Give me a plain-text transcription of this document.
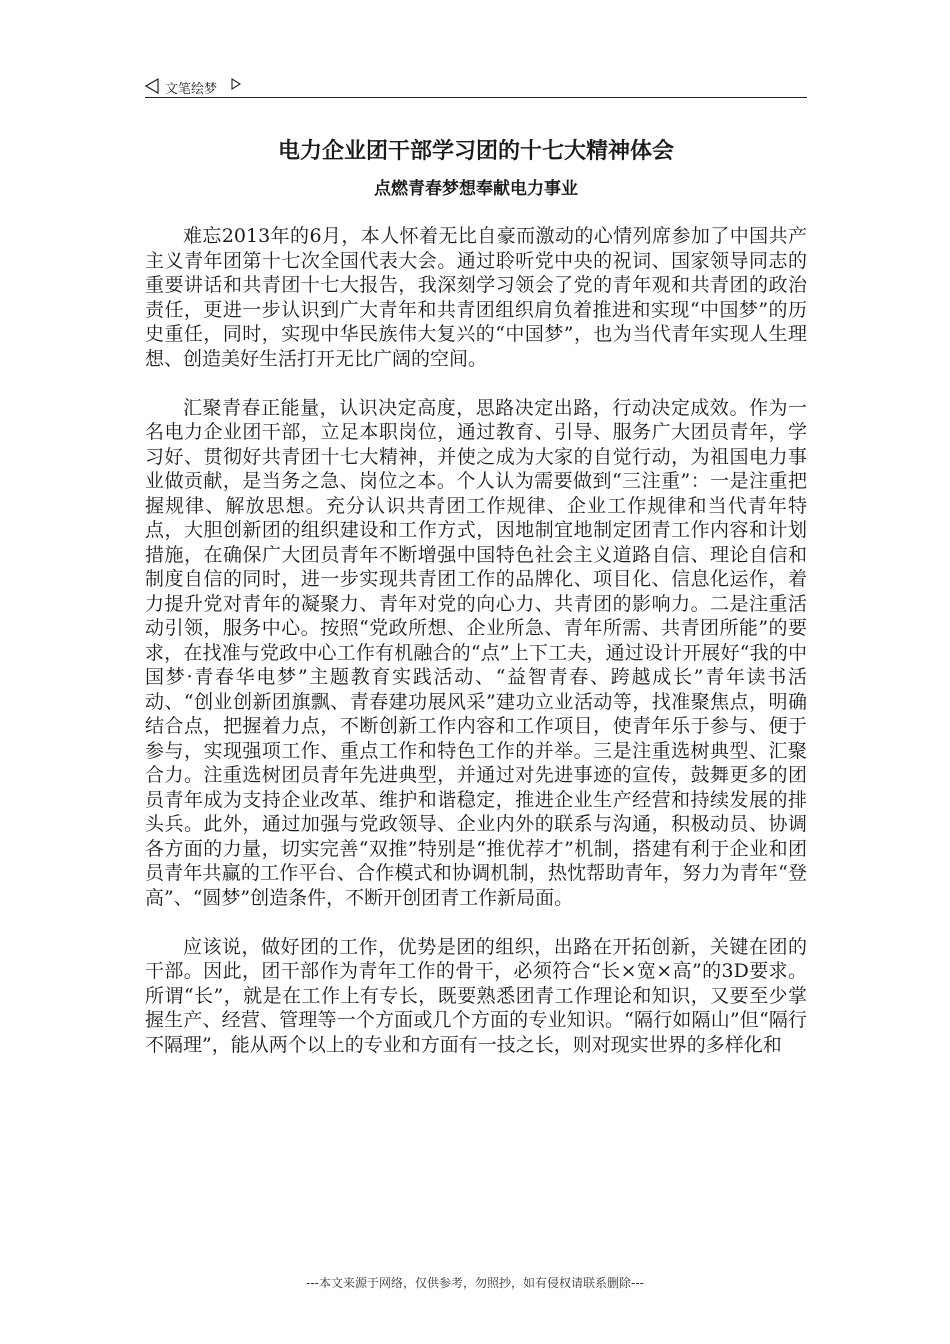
文笔绘梦
电力企业团干部学习团的十七大精神体会
点燃青春梦想奉献电力事业

难忘2013年的6月，本人怀着无比自豪而激动的心情列席参加了中国共产主义青年团第十七次全国代表大会。通过聆听党中央的祝词、国家领导同志的重要讲话和共青团十七大报告，我深刻学习领会了党的青年观和共青团的政治责任，更进一步认识到广大青年和共青团组织肩负着推进和实现“中国梦”的历史重任，同时，实现中华民族伟大复兴的“中国梦”，也为当代青年实现人生理想、创造美好生活打开无比广阔的空间。

汇聚青春正能量，认识决定高度，思路决定出路，行动决定成效。作为一名电力企业团干部，立足本职岗位，通过教育、引导、服务广大团员青年，学习好、贯彻好共青团十七大精神，并使之成为大家的自觉行动，为祖国电力事业做贡献，是当务之急、岗位之本。个人认为需要做到“三注重”：一是注重把握规律、解放思想。充分认识共青团工作规律、企业工作规律和当代青年特点，大胆创新团的组织建设和工作方式，因地制宜地制定团青工作内容和计划措施，在确保广大团员青年不断增强中国特色社会主义道路自信、理论自信和制度自信的同时，进一步实现共青团工作的品牌化、项目化、信息化运作，着力提升党对青年的凝聚力、青年对党的向心力、共青团的影响力。二是注重活动引领，服务中心。按照“党政所想、企业所急、青年所需、共青团所能”的要求，在找准与党政中心工作有机融合的“点”上下工夫，通过设计开展好“我的中国梦·青春华电梦”主题教育实践活动、“益智青春、跨越成长”青年读书活动、“创业创新团旗飘、青春建功展风采”建功立业活动等，找准聚焦点，明确结合点，把握着力点，不断创新工作内容和工作项目，使青年乐于参与、便于参与，实现强项工作、重点工作和特色工作的并举。三是注重选树典型、汇聚合力。注重选树团员青年先进典型，并通过对先进事迹的宣传，鼓舞更多的团员青年成为支持企业改革、维护和谐稳定，推进企业生产经营和持续发展的排头兵。此外，通过加强与党政领导、企业内外的联系与沟通，积极动员、协调各方面的力量，切实完善“双推”特别是“推优荐才”机制，搭建有利于企业和团员青年共赢的工作平台、合作模式和协调机制，热忱帮助青年，努力为青年“登高”、“圆梦”创造条件，不断开创团青工作新局面。

应该说，做好团的工作，优势是团的组织，出路在开拓创新，关键在团的干部。因此，团干部作为青年工作的骨干，必须符合“长×宽×高”的3D要求。所谓“长”，就是在工作上有专长，既要熟悉团青工作理论和知识，又要至少掌握生产、经营、管理等一个方面或几个方面的专业知识。“隔行如隔山”但“隔行不隔理”，能从两个以上的专业和方面有一技之长，则对现实世界的多样化和

---本文来源于网络，仅供参考，勿照抄，如有侵权请联系删除---
